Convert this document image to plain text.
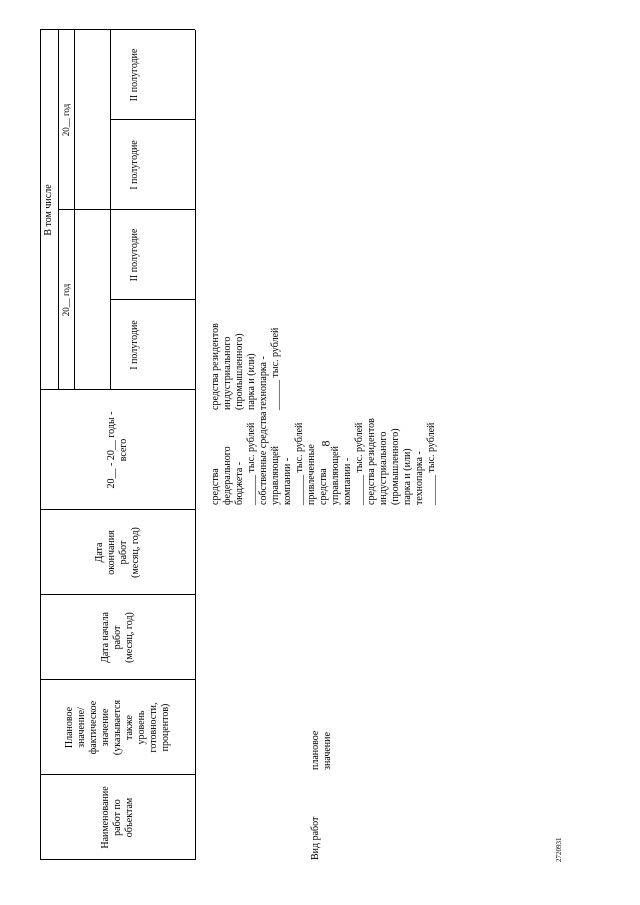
8
2720931
Наименование
работ по
объектам
Плановое
значение/
фактическое
значение
(указывается
также
уровень
готовности,
процентов)
Дата начала
работ
(месяц, год)
Дата
окончания
работ
(месяц, год)
20__ - 20__ годы -
всего
В том числе
20__ год
20__ год
I полугодие
II полугодие
I полугодие
II полугодие
Вид работ
плановое
значение
средства резидентов
индустриального
(промышленного)
парка и (или)
технопарка -
______ тыс. рублей
средства
федерального
бюджета -
______ тыс. рублей
собственные средства
управляющей
компании -
______ тыс. рублей
привлеченные
средства
управляющей
компании -
______ тыс. рублей
средства резидентов
индустриального
(промышленного)
парка и (или)
технопарка -
______ тыс. рублей
